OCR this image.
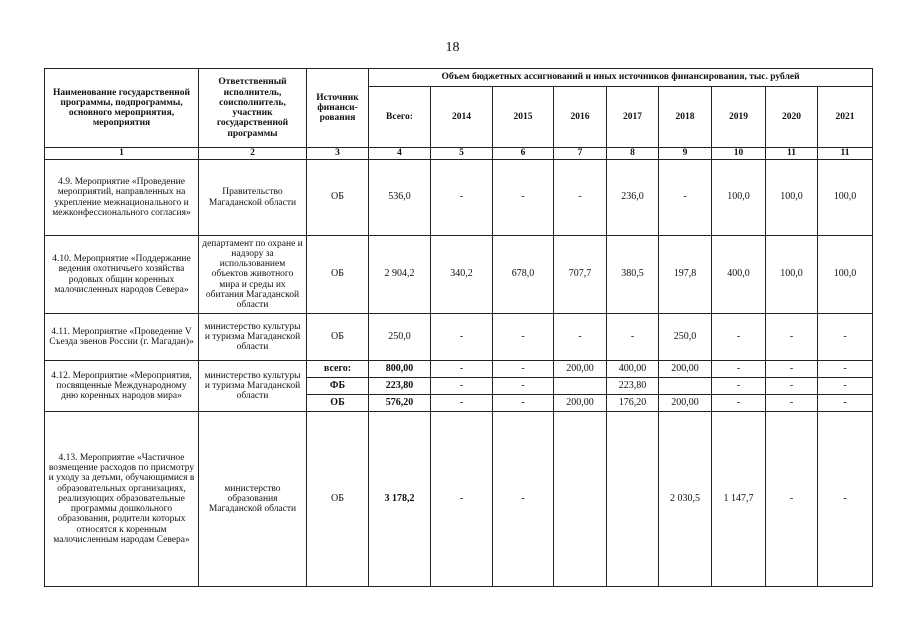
18
Наименование государственной программы, подпрограммы, основного мероприятия, мероприятия	Ответственный исполнитель, соисполнитель, участник государственной программы	Источник финанси-рования	Объем бюджетных ассигнований и иных источников финансирования, тыс. рублей								
			Всего:	2014	2015	2016	2017	2018	2019	2020	2021
1	2	3	4	5	6	7	8	9	10	11	11
4.9. Мероприятие «Проведение мероприятий, направленных на укрепление межнационального и межконфессионального согласия»	Правительство Магаданской области	ОБ	536,0	-	-	-	236,0	-	100,0	100,0	100,0
4.10. Мероприятие «Поддержание ведения охотничьего хозяйства родовых общин коренных малочисленных народов Севера»	департамент по охране и надзору за использованием объектов животного мира и среды их обитания Магаданской области	ОБ	2 904,2	340,2	678,0	707,7	380,5	197,8	400,0	100,0	100,0
4.11. Мероприятие «Проведение V Съезда эвенов России (г. Магадан)»	министерство культуры и туризма Магаданской области	ОБ	250,0	-	-	-	-	250,0	-	-	-
4.12. Мероприятие «Мероприятия, посвященные Международному дню коренных народов мира»	министерство культуры и туризма Магаданской области	всего:	800,00	-	-	200,00	400,00	200,00	-	-	-
		ФБ	223,80	-	-		223,80		-	-	-
		ОБ	576,20	-	-	200,00	176,20	200,00	-	-	-
4.13. Мероприятие «Частичное возмещение расходов по присмотру и уходу за детьми, обучающимися в образовательных организациях, реализующих образовательные программы дошкольного образования, родители которых относятся к коренным малочисленным народам Севера»	министерство образования Магаданской области	ОБ	3 178,2	-	-			2 030,5	1 147,7	-	-
